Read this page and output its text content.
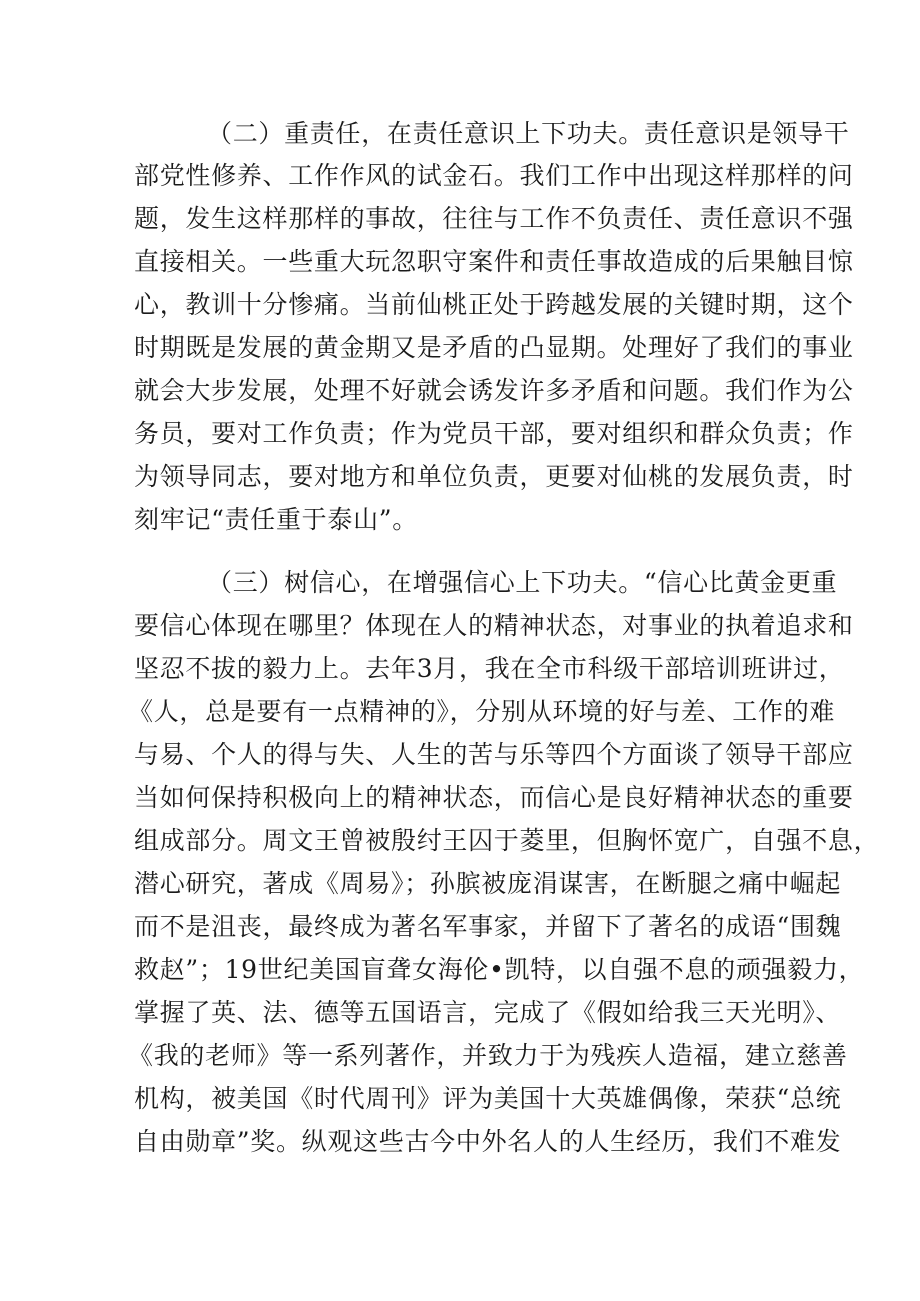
（二）重责任，在责任意识上下功夫。责任意识是领导干

部党性修养、工作作风的试金石。我们工作中出现这样那样的问

题，发生这样那样的事故，往往与工作不负责任、责任意识不强

直接相关。一些重大玩忽职守案件和责任事故造成的后果触目惊

心，教训十分惨痛。当前仙桃正处于跨越发展的关键时期，这个

时期既是发展的黄金期又是矛盾的凸显期。处理好了我们的事业

就会大步发展，处理不好就会诱发许多矛盾和问题。我们作为公

务员，要对工作负责；作为党员干部，要对组织和群众负责；作

为领导同志，要对地方和单位负责，更要对仙桃的发展负责，时

刻牢记“责任重于泰山”。

（三）树信心，在增强信心上下功夫。“信心比黄金更重

要信心体现在哪里？体现在人的精神状态，对事业的执着追求和

坚忍不拔的毅力上。去年3月，我在全市科级干部培训班讲过，

《人，总是要有一点精神的》，分别从环境的好与差、工作的难

与易、个人的得与失、人生的苦与乐等四个方面谈了领导干部应

当如何保持积极向上的精神状态，而信心是良好精神状态的重要

组成部分。周文王曾被殷纣王囚于菱里，但胸怀宽广，自强不息，

潜心研究，著成《周易》；孙膑被庞涓谋害，在断腿之痛中崛起

而不是沮丧，最终成为著名军事家，并留下了著名的成语“围魏

救赵”；19世纪美国盲聋女海伦•凯特，以自强不息的顽强毅力，

掌握了英、法、德等五国语言，完成了《假如给我三天光明》、

《我的老师》等一系列著作，并致力于为残疾人造福，建立慈善

机构，被美国《时代周刊》评为美国十大英雄偶像，荣获“总统

自由勋章”奖。纵观这些古今中外名人的人生经历，我们不难发
